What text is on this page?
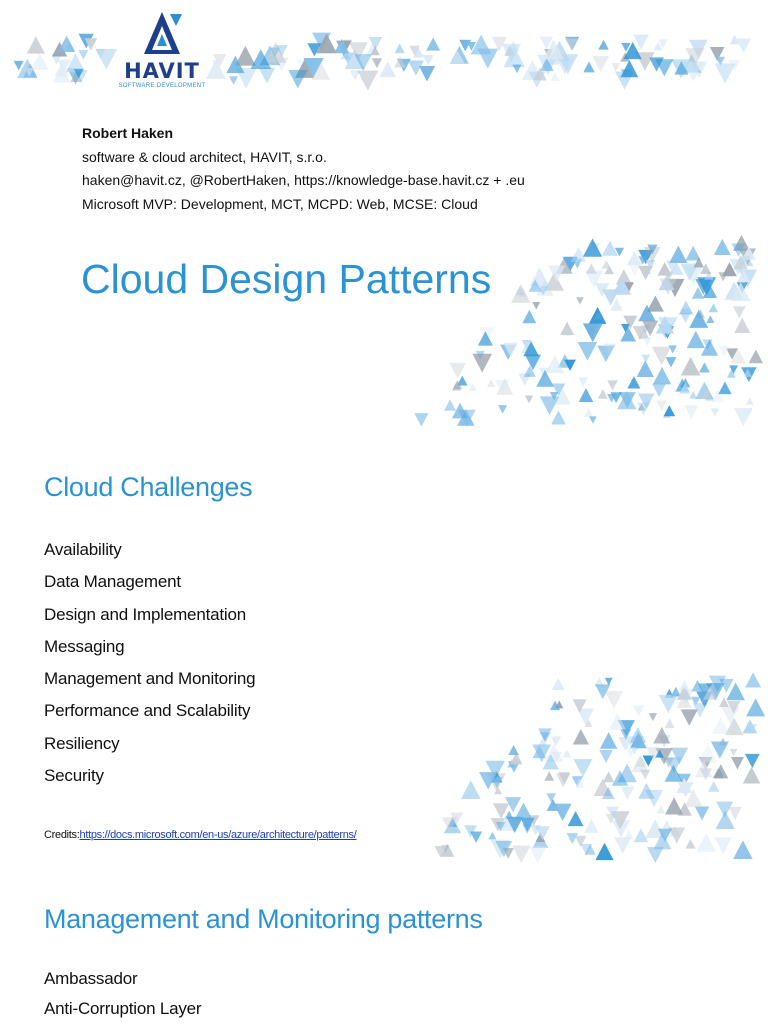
HAVIT
SOFTWARE DEVELOPMENT
Robert Haken
software & cloud architect, HAVIT, s.r.o.
haken@havit.cz, @RobertHaken, https://knowledge-base.havit.cz + .eu
Microsoft MVP: Development, MCT, MCPD: Web, MCSE: Cloud
Cloud Design Patterns
Cloud Challenges
Availability
Data Management
Design and Implementation
Messaging
Management and Monitoring
Performance and Scalability
Resiliency
Security
Credits:https://docs.microsoft.com/en-us/azure/architecture/patterns/
Management and Monitoring patterns
Ambassador
Anti-Corruption Layer
